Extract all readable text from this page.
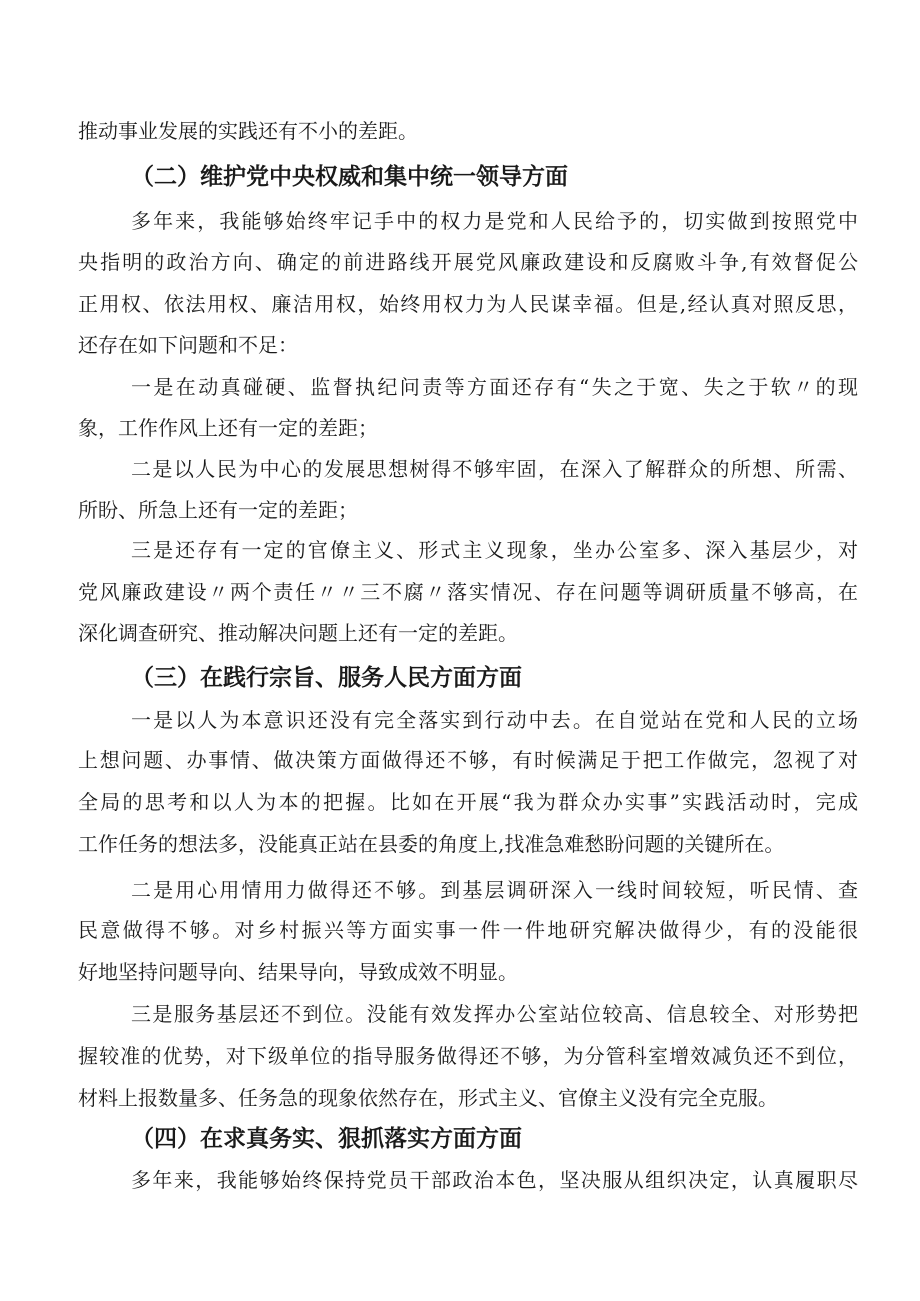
推动事业发展的实践还有不小的差距。
（二）维护党中央权威和集中统一领导方面
多年来，我能够始终牢记手中的权力是党和人民给予的，切实做到按照党中
央指明的政治方向、确定的前进路线开展党风廉政建设和反腐败斗争,有效督促公
正用权、依法用权、廉洁用权，始终用权力为人民谋幸福。但是,经认真对照反思，
还存在如下问题和不足：
一是在动真碰硬、监督执纪问责等方面还存有“失之于宽、失之于软〃的现
象，工作作风上还有一定的差距；
二是以人民为中心的发展思想树得不够牢固，在深入了解群众的所想、所需、
所盼、所急上还有一定的差距；
三是还存有一定的官僚主义、形式主义现象，坐办公室多、深入基层少，对
党风廉政建设〃两个责任〃〃三不腐〃落实情况、存在问题等调研质量不够高，在
深化调查研究、推动解决问题上还有一定的差距。
（三）在践行宗旨、服务人民方面方面
一是以人为本意识还没有完全落实到行动中去。在自觉站在党和人民的立场
上想问题、办事情、做决策方面做得还不够，有时候满足于把工作做完，忽视了对
全局的思考和以人为本的把握。比如在开展“我为群众办实事”实践活动时，完成
工作任务的想法多，没能真正站在县委的角度上,找准急难愁盼问题的关键所在。
二是用心用情用力做得还不够。到基层调研深入一线时间较短，听民情、查
民意做得不够。对乡村振兴等方面实事一件一件地研究解决做得少，有的没能很
好地坚持问题导向、结果导向，导致成效不明显。
三是服务基层还不到位。没能有效发挥办公室站位较高、信息较全、对形势把
握较准的优势，对下级单位的指导服务做得还不够，为分管科室增效减负还不到位，
材料上报数量多、任务急的现象依然存在，形式主义、官僚主义没有完全克服。
（四）在求真务实、狠抓落实方面方面
多年来，我能够始终保持党员干部政治本色，坚决服从组织决定，认真履职尽
